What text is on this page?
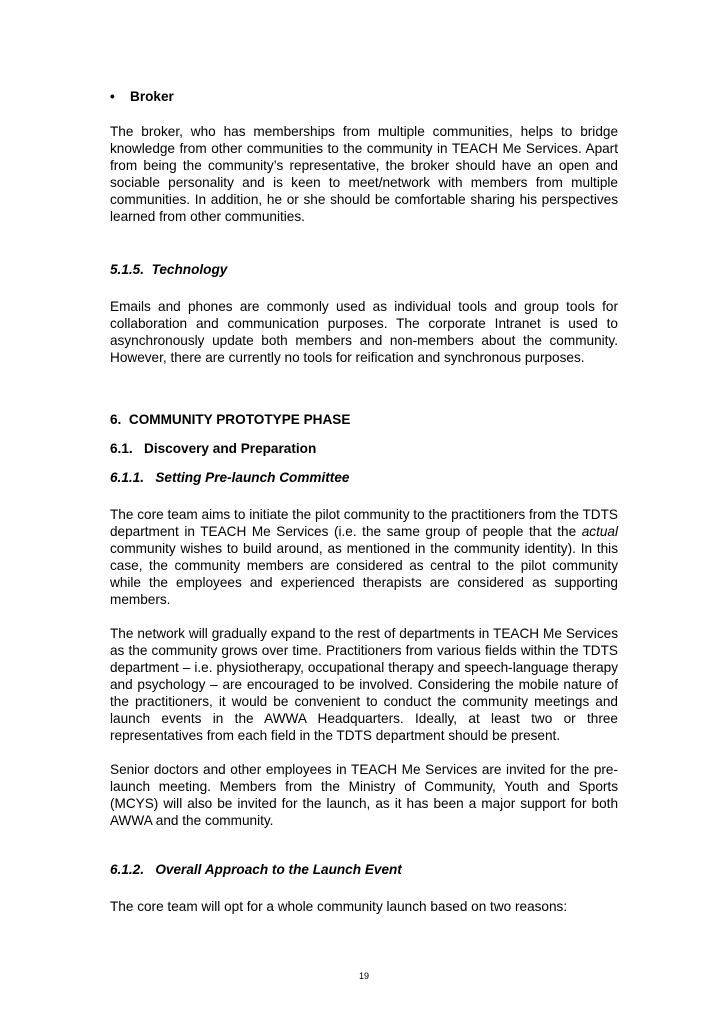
• Broker

The broker, who has memberships from multiple communities, helps to bridge knowledge from other communities to the community in TEACH Me Services. Apart from being the community’s representative, the broker should have an open and sociable personality and is keen to meet/network with members from multiple communities. In addition, he or she should be comfortable sharing his perspectives learned from other communities.

5.1.5.  Technology

Emails and phones are commonly used as individual tools and group tools for collaboration and communication purposes. The corporate Intranet is used to asynchronously update both members and non-members about the community. However, there are currently no tools for reification and synchronous purposes.

6.  COMMUNITY PROTOTYPE PHASE

6.1.   Discovery and Preparation

6.1.1.   Setting Pre-launch Committee

The core team aims to initiate the pilot community to the practitioners from the TDTS department in TEACH Me Services (i.e. the same group of people that the actual community wishes to build around, as mentioned in the community identity). In this case, the community members are considered as central to the pilot community while the employees and experienced therapists are considered as supporting members.

The network will gradually expand to the rest of departments in TEACH Me Services as the community grows over time. Practitioners from various fields within the TDTS department – i.e. physiotherapy, occupational therapy and speech-language therapy and psychology – are encouraged to be involved. Considering the mobile nature of the practitioners, it would be convenient to conduct the community meetings and launch events in the AWWA Headquarters. Ideally, at least two or three representatives from each field in the TDTS department should be present.

Senior doctors and other employees in TEACH Me Services are invited for the pre-launch meeting. Members from the Ministry of Community, Youth and Sports (MCYS) will also be invited for the launch, as it has been a major support for both AWWA and the community.

6.1.2.   Overall Approach to the Launch Event

The core team will opt for a whole community launch based on two reasons:

19
